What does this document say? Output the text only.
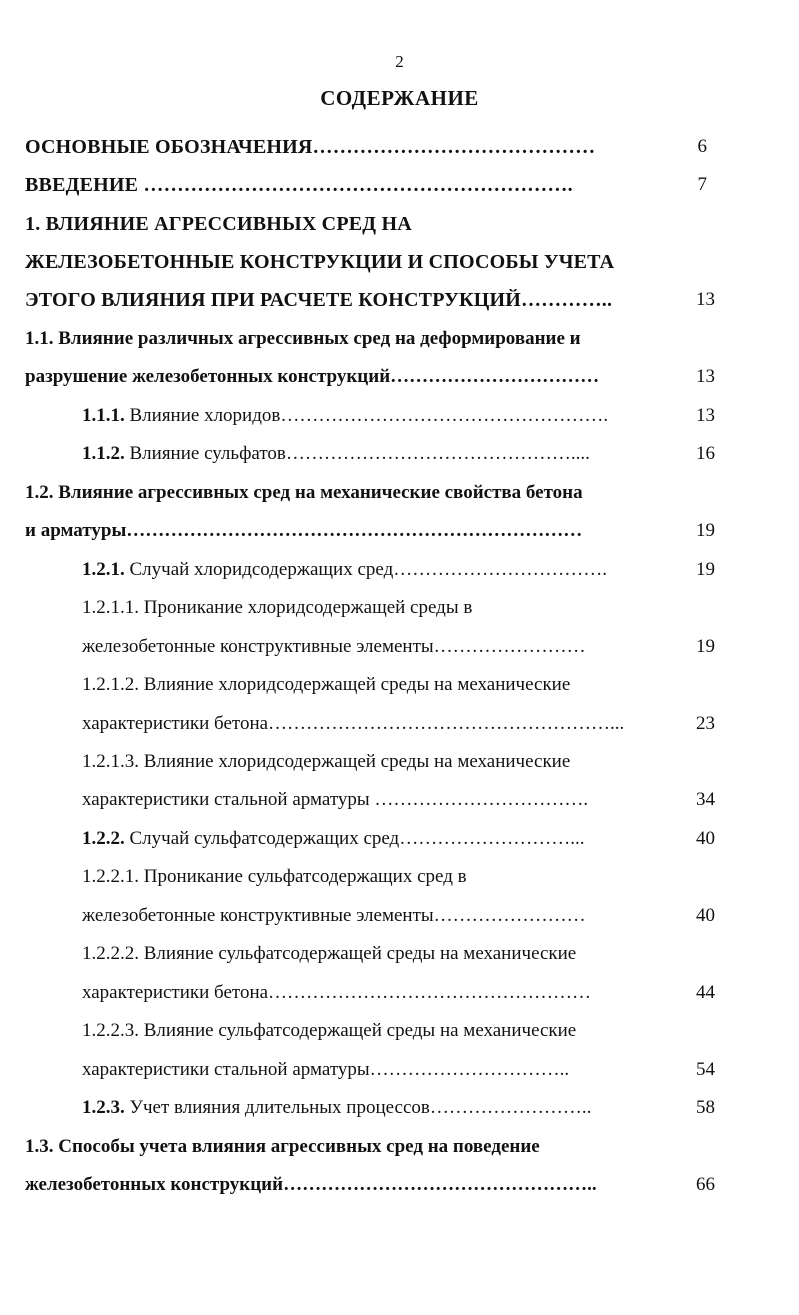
2
СОДЕРЖАНИЕ
ОСНОВНЫЕ ОБОЗНАЧЕНИЯ……………………………………	6
ВВЕДЕНИЕ ……………………………………………………….	7
1. ВЛИЯНИЕ АГРЕССИВНЫХ СРЕД НА
ЖЕЛЕЗОБЕТОННЫЕ КОНСТРУКЦИИ И СПОСОБЫ УЧЕТА
ЭТОГО ВЛИЯНИЯ ПРИ РАСЧЕТЕ КОНСТРУКЦИЙ…………..	13
1.1. Влияние различных агрессивных сред на деформирование и
разрушение железобетонных конструкций……………………………	13
1.1.1. Влияние хлоридов…………………………………………….	13
1.1.2. Влияние сульфатов………………………………………....	16
1.2. Влияние агрессивных сред на механические свойства бетона
и арматуры………………………………………………………………	19
1.2.1. Случай хлоридсодержащих сред…………………………….	19
1.2.1.1. Проникание хлоридсодержащей среды в
железобетонные конструктивные элементы……………………	19
1.2.1.2. Влияние хлоридсодержащей среды на механические
характеристики бетона………………………………………………...	23
1.2.1.3. Влияние хлоридсодержащей среды на механические
характеристики стальной арматуры …………………………….	34
1.2.2. Случай сульфатсодержащих сред………………………...	40
1.2.2.1. Проникание сульфатсодержащих сред в
железобетонные конструктивные элементы……………………	40
1.2.2.2. Влияние сульфатсодержащей среды на механические
характеристики бетона……………………………………………	44
1.2.2.3. Влияние сульфатсодержащей среды на механические
характеристики стальной арматуры…………………………..	54
1.2.3. Учет влияния длительных процессов……………………..	58
1.3. Способы учета влияния агрессивных сред на поведение
железобетонных конструкций…………………………………………..	66
